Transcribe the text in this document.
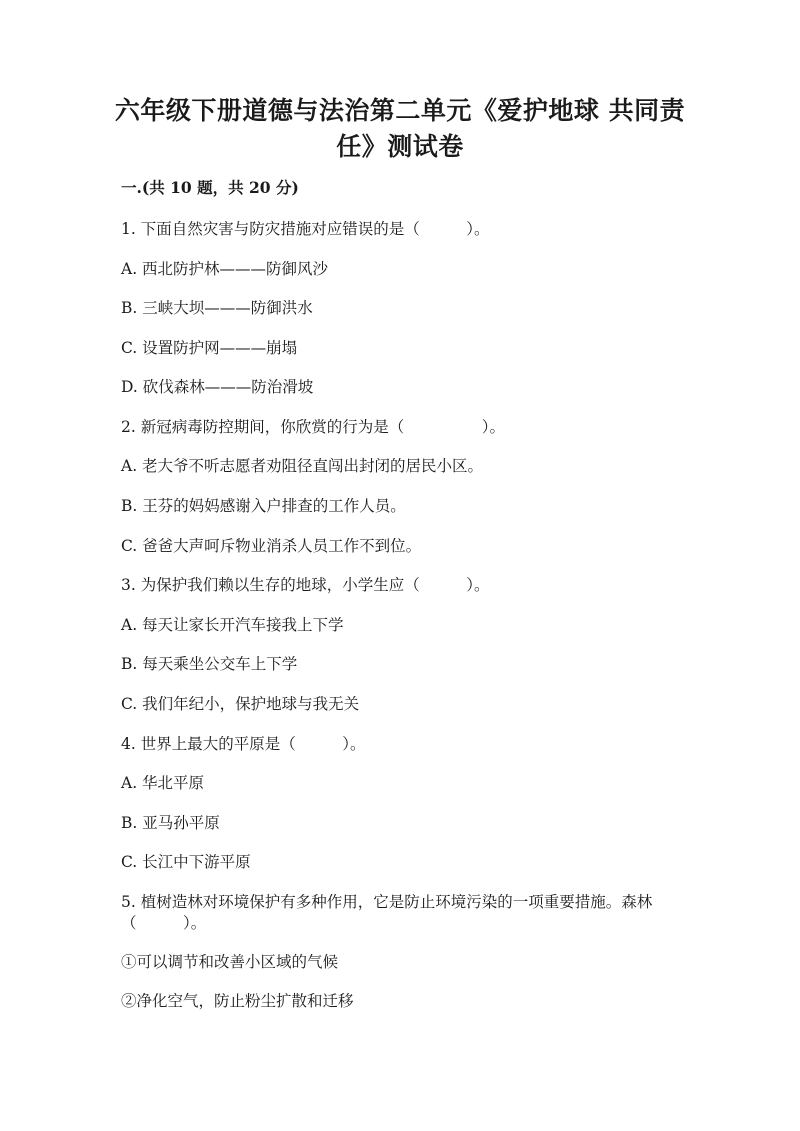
六年级下册道德与法治第二单元《爱护地球 共同责
任》测试卷
一.(共 10 题，共 20 分)
1. 下面自然灾害与防灾措施对应错误的是（　　　）。
A. 西北防护林———防御风沙
B. 三峡大坝———防御洪水
C. 设置防护网———崩塌
D. 砍伐森林———防治滑坡
2. 新冠病毒防控期间，你欣赏的行为是（　　　　　）。
A. 老大爷不听志愿者劝阻径直闯出封闭的居民小区。
B. 王芬的妈妈感谢入户排查的工作人员。
C. 爸爸大声呵斥物业消杀人员工作不到位。
3. 为保护我们赖以生存的地球，小学生应（　　　）。
A. 每天让家长开汽车接我上下学
B. 每天乘坐公交车上下学
C. 我们年纪小，保护地球与我无关
4. 世界上最大的平原是（　　　）。
A. 华北平原
B. 亚马孙平原
C. 长江中下游平原
5. 植树造林对环境保护有多种作用，它是防止环境污染的一项重要措施。森林（　　　）。
①可以调节和改善小区域的气候
②净化空气，防止粉尘扩散和迁移
